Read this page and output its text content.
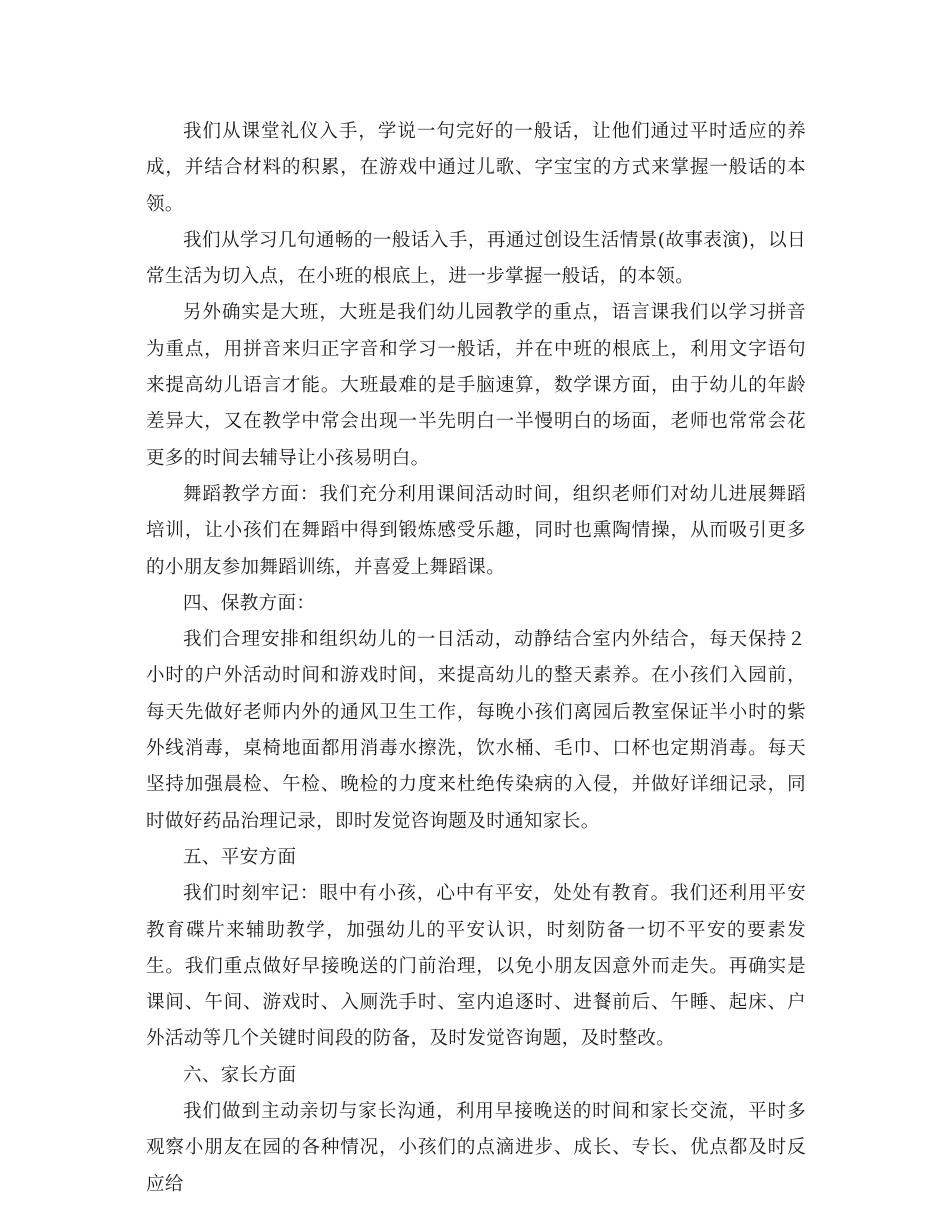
我们从课堂礼仪入手，学说一句完好的一般话，让他们通过平时适应的养成，并结合材料的积累，在游戏中通过儿歌、字宝宝的方式来掌握一般话的本领。

我们从学习几句通畅的一般话入手，再通过创设生活情景(故事表演)，以日常生活为切入点，在小班的根底上，进一步掌握一般话，的本领。

另外确实是大班，大班是我们幼儿园教学的重点，语言课我们以学习拼音为重点，用拼音来归正字音和学习一般话，并在中班的根底上，利用文字语句来提高幼儿语言才能。大班最难的是手脑速算，数学课方面，由于幼儿的年龄差异大，又在教学中常会出现一半先明白一半慢明白的场面，老师也常常会花更多的时间去辅导让小孩易明白。

舞蹈教学方面：我们充分利用课间活动时间，组织老师们对幼儿进展舞蹈培训，让小孩们在舞蹈中得到锻炼感受乐趣，同时也熏陶情操，从而吸引更多的小朋友参加舞蹈训练，并喜爱上舞蹈课。

四、保教方面：

我们合理安排和组织幼儿的一日活动，动静结合室内外结合，每天保持２小时的户外活动时间和游戏时间，来提高幼儿的整天素养。在小孩们入园前，每天先做好老师内外的通风卫生工作，每晚小孩们离园后教室保证半小时的紫外线消毒，桌椅地面都用消毒水擦洗，饮水桶、毛巾、口杯也定期消毒。每天坚持加强晨检、午检、晚检的力度来杜绝传染病的入侵，并做好详细记录，同时做好药品治理记录，即时发觉咨询题及时通知家长。

五、平安方面

我们时刻牢记：眼中有小孩，心中有平安，处处有教育。我们还利用平安教育碟片来辅助教学，加强幼儿的平安认识，时刻防备一切不平安的要素发生。我们重点做好早接晚送的门前治理，以免小朋友因意外而走失。再确实是课间、午间、游戏时、入厕洗手时、室内追逐时、进餐前后、午睡、起床、户外活动等几个关键时间段的防备，及时发觉咨询题，及时整改。

六、家长方面

我们做到主动亲切与家长沟通，利用早接晚送的时间和家长交流，平时多观察小朋友在园的各种情况，小孩们的点滴进步、成长、专长、优点都及时反应给
